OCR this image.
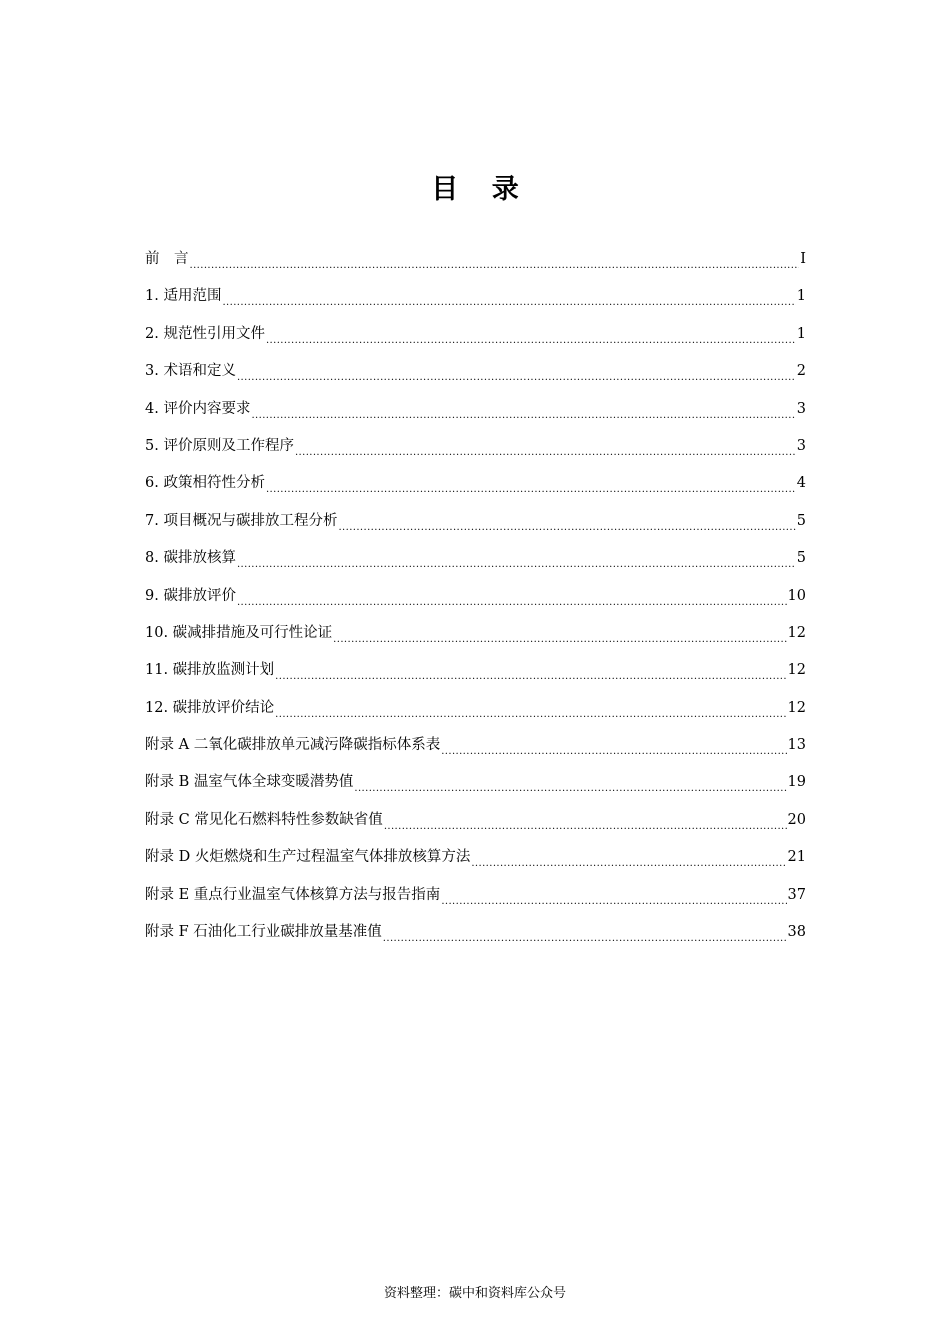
目 录
前　言 .....	I
1. 适用范围 .....	1
2. 规范性引用文件 .....	1
3. 术语和定义 .....	2
4. 评价内容要求 .....	3
5. 评价原则及工作程序 .....	3
6. 政策相符性分析 .....	4
7. 项目概况与碳排放工程分析 .....	5
8. 碳排放核算 .....	5
9. 碳排放评价 .....	10
10. 碳减排措施及可行性论证 .....	12
11. 碳排放监测计划 .....	12
12. 碳排放评价结论 .....	12
附录 A 二氧化碳排放单元减污降碳指标体系表 .....	13
附录 B 温室气体全球变暖潜势值 .....	19
附录 C 常见化石燃料特性参数缺省值 .....	20
附录 D 火炬燃烧和生产过程温室气体排放核算方法 .....	21
附录 E 重点行业温室气体核算方法与报告指南 .....	37
附录 F 石油化工行业碳排放量基准值 .....	38
资料整理：碳中和资料库公众号
